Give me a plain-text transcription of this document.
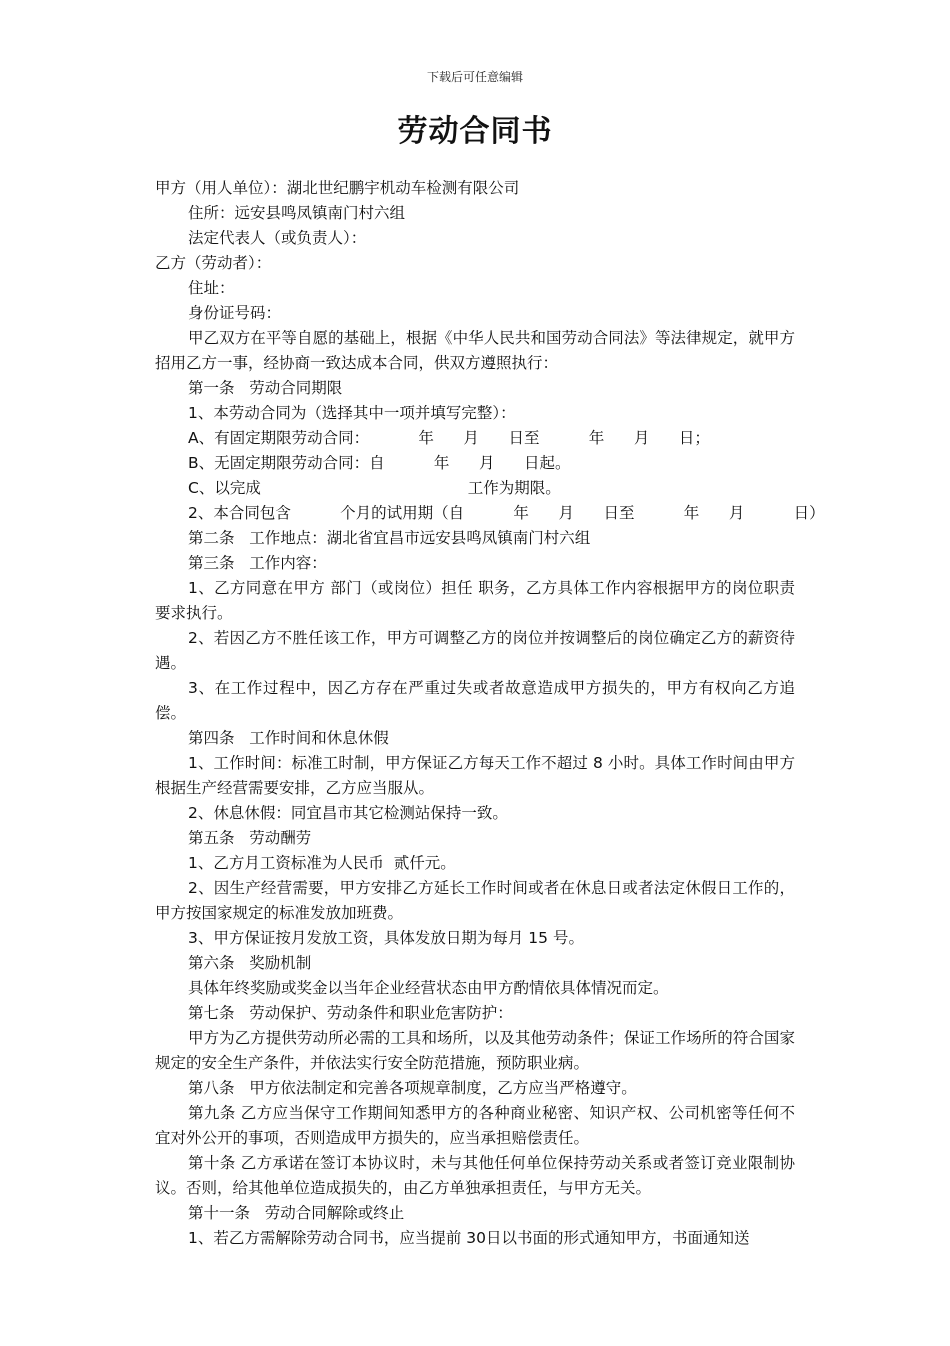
下载后可任意编辑
劳动合同书
甲方（用人单位）：湖北世纪鹏宇机动车检测有限公司
住所：远安县鸣凤镇南门村六组
法定代表人（或负责人）：
乙方（劳动者）：
住址：
身份证号码：
甲乙双方在平等自愿的基础上，根据《中华人民共和国劳动合同法》等法律规定，就甲方招用乙方一事，经协商一致达成本合同，供双方遵照执行：
第一条   劳动合同期限
1、本劳动合同为（选择其中一项并填写完整）：
A、有固定期限劳动合同：          年      月      日至          年      月      日；
B、无固定期限劳动合同：自          年      月      日起。
C、以完成                                          工作为期限。
2、本合同包含          个月的试用期（自          年      月      日至          年      月          日）
第二条   工作地点：湖北省宜昌市远安县鸣凤镇南门村六组
第三条   工作内容：
1、乙方同意在甲方 部门（或岗位）担任 职务，乙方具体工作内容根据甲方的岗位职责要求执行。
2、若因乙方不胜任该工作，甲方可调整乙方的岗位并按调整后的岗位确定乙方的薪资待遇。
3、在工作过程中，因乙方存在严重过失或者故意造成甲方损失的，甲方有权向乙方追偿。
第四条   工作时间和休息休假
1、工作时间：标准工时制，甲方保证乙方每天工作不超过 8 小时。具体工作时间由甲方根据生产经营需要安排，乙方应当服从。
2、休息休假：同宜昌市其它检测站保持一致。
第五条   劳动酬劳
1、乙方月工资标准为人民币  贰仟元。
2、因生产经营需要，甲方安排乙方延长工作时间或者在休息日或者法定休假日工作的，甲方按国家规定的标准发放加班费。
3、甲方保证按月发放工资，具体发放日期为每月 15 号。
第六条   奖励机制
具体年终奖励或奖金以当年企业经营状态由甲方酌情依具体情况而定。
第七条   劳动保护、劳动条件和职业危害防护：
甲方为乙方提供劳动所必需的工具和场所，以及其他劳动条件；保证工作场所的符合国家规定的安全生产条件，并依法实行安全防范措施，预防职业病。
第八条   甲方依法制定和完善各项规章制度，乙方应当严格遵守。
第九条 乙方应当保守工作期间知悉甲方的各种商业秘密、知识产权、公司机密等任何不宜对外公开的事项，否则造成甲方损失的，应当承担赔偿责任。
第十条 乙方承诺在签订本协议时，未与其他任何单位保持劳动关系或者签订竞业限制协议。否则，给其他单位造成损失的，由乙方单独承担责任，与甲方无关。
第十一条   劳动合同解除或终止
1、若乙方需解除劳动合同书，应当提前 30日以书面的形式通知甲方，书面通知送
